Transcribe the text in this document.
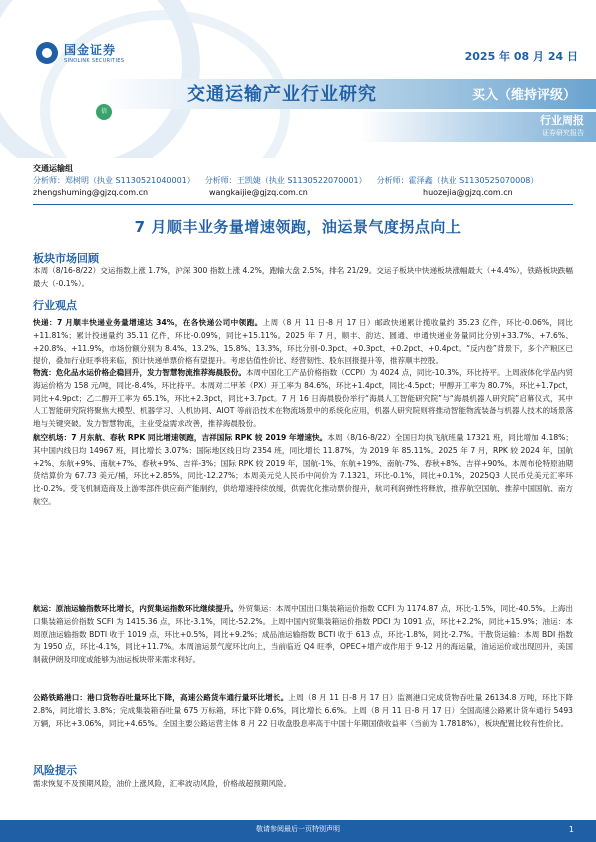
国金证券
SINOLINK SECURITIES	2025 年 08 月 24 日
交通运输产业行业研究	买入（维持评级）
信
行业周报
证券研究报告
交通运输组
分析师：郑树明（执业 S1130521040001） 分析师：王凯婕（执业 S1130522070001） 分析师：霍泽鑫（执业 S1130525070008）
zhengshuming@gjzq.com.cn	wangkaijie@gjzq.com.cn	huozejia@gjzq.com.cn
7 月顺丰业务量增速领跑，油运景气度拐点向上
板块市场回顾
本周（8/16-8/22）交运指数上涨 1.7%，沪深 300 指数上涨 4.2%，跑输大盘 2.5%，排名 21/29。交运子板块中快递板块涨幅最大（+4.4%），铁路板块跌幅最大（-0.1%）。
行业观点
快递：7 月顺丰快递业务量增速达 34%，在各快递公司中领跑。上周（8 月 11 日-8 月 17 日）邮政快递累计揽收量约 35.23 亿件，环比-0.06%，同比+11.81%；累计投递量约 35.11 亿件，环比-0.09%，同比+15.11%。2025 年 7 月，顺丰、韵达、圆通、申通快递业务量同比分别+33.7%、+7.6%、+20.8%、+11.9%，市场份额分别为 8.4%、13.2%、15.8%、13.3%，环比分别-0.3pct、+0.3pct、+0.2pct、+0.4pct。“反内卷”背景下，多个产粮区已提价，叠加行业旺季将来临，预计快递单票价格有望提升。考虑估值性价比、经营韧性、股东回报提升等，推荐顺丰控股。
物流：危化品水运价格企稳回升，发力智慧物流推荐海晨股份。本周中国化工产品价格指数（CCPI）为 4024 点，同比-10.3%，环比持平。上周液体化学品内贸海运价格为 158 元/吨，同比-8.4%，环比持平。本周对二甲苯（PX）开工率为 84.6%，环比+1.4pct，同比-4.5pct；甲醇开工率为 80.7%，环比+1.7pct，同比+4.9pct；乙二醇开工率为 65.1%，环比+2.3pct，同比+3.7pct。7 月 16 日海晨股份举行“海晨人工智能研究院”与“海晨机器人研究院”启幕仪式，其中人工智能研究院将聚焦大模型、机器学习、人机协同、AIOT 等前沿技术在物流场景中的系统化应用，机器人研究院则将推动智能物流装备与机器人技术的场景落地与关键突破。发力智慧物流，主业受益需求改善，推荐海晨股份。
航空机场：7 月东航、春秋 RPK 同比增速领跑，吉祥国际 RPK 较 2019 年增速快。本周（8/16-8/22）全国日均执飞航班量 17321 班，同比增加 4.18%；其中国内线日均 14967 班，同比增长 3.07%；国际地区线日均 2354 班，同比增长 11.87%，为 2019 年 85.11%。2025 年 7 月，RPK 较 2024 年，国航+2%、东航+9%、南航+7%、春秋+9%、吉祥-3%；国际 RPK 较 2019 年，国航-1%、东航+19%、南航-7%、春秋+8%、吉祥+90%。本周布伦特原油期货结算价为 67.73 美元/桶，环比+2.85%，同比-12.27%；本周美元兑人民币中间价为 7.1321，环比-0.1%，同比+0.1%，2025Q3 人民币兑美元汇率环比-0.2%。受飞机制造商及上游零部件供应商产能制约，供给增速持续放缓，供需优化推动票价提升，航司利润弹性将释放，推荐航空国航、推荐中国国航、南方航空。
航运：原油运输指数环比增长，内贸集运指数环比继续提升。外贸集运：本周中国出口集装箱运价指数 CCFI 为 1174.87 点，环比-1.5%，同比-40.5%。上海出口集装箱运价指数 SCFI 为 1415.36 点，环比-3.1%，同比-52.2%。上周中国内贸集装箱运价指数 PDCI 为 1091 点，环比+2.2%，同比+15.9%；油运：本周原油运输指数 BDTI 收于 1019 点，环比+0.5%，同比+9.2%；成品油运输指数 BCTI 收于 613 点，环比-1.8%，同比-2.7%。干散货运输：本周 BDI 指数为 1950 点，环比-4.1%，同比+11.7%。本周油运景气度环比向上，当前临近 Q4 旺季，OPEC+增产或作用于 9-12 月的海运量，油运运价或出现回升，美国制裁伊朗及印度或能够为油运板块带来需求利好。
公路铁路港口：港口货物吞吐量环比下降，高速公路货车通行量环比增长。上周（8 月 11 日-8 月 17 日）监测港口完成货物吞吐量 26134.8 万吨，环比下降 2.8%，同比增长 3.8%；完成集装箱吞吐量 675 万标箱，环比下降 0.6%，同比增长 6.6%。上周（8 月 11 日-8 月 17 日）全国高速公路累计货车通行 5493 万辆，环比+3.06%，同比+4.65%。全国主要公路运营主体 8 月 22 日收盘股息率高于中国十年期国债收益率（当前为 1.7818%），板块配置比较有性价比。
风险提示
需求恢复不及预期风险，油价上涨风险，汇率波动风险，价格战超预期风险。
敬请参阅最后一页特别声明	1
